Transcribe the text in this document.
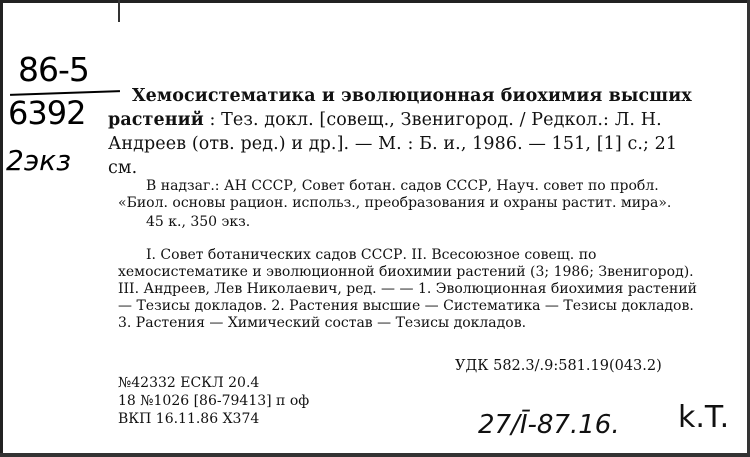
86-5
6392
2экз
Хемосистематика и эволюционная биохимия высших растений : Тез. докл. [совещ., Звенигород. / Редкол.: Л. Н. Андреев (отв. ред.) и др.]. — М. : Б. и., 1986. — 151, [1] с.; 21 см.

В надзаг.: АН СССР, Совет ботан. садов СССР, Науч. совет по пробл. «Биол. основы рацион. использ., преобразования и охраны растит. мира».

45 к., 350 экз.

I. Совет ботанических садов СССР. II. Всесоюзное совещ. по хемосистематике и эволюционной биохимии растений (3; 1986; Звенигород). III. Андреев, Лев Николаевич, ред. — — 1. Эволюционная биохимия растений — Тезисы докладов. 2. Растения высшие — Систематика — Тезисы докладов. 3. Растения — Химический состав — Тезисы докладов.

УДК 582.3/.9:581.19(043.2)
№42332 ЕСКЛ 20.4
18 №1026 [86-79413] п оф
ВКП 16.11.86 Х374	27/Ī-87.16. k.T.
